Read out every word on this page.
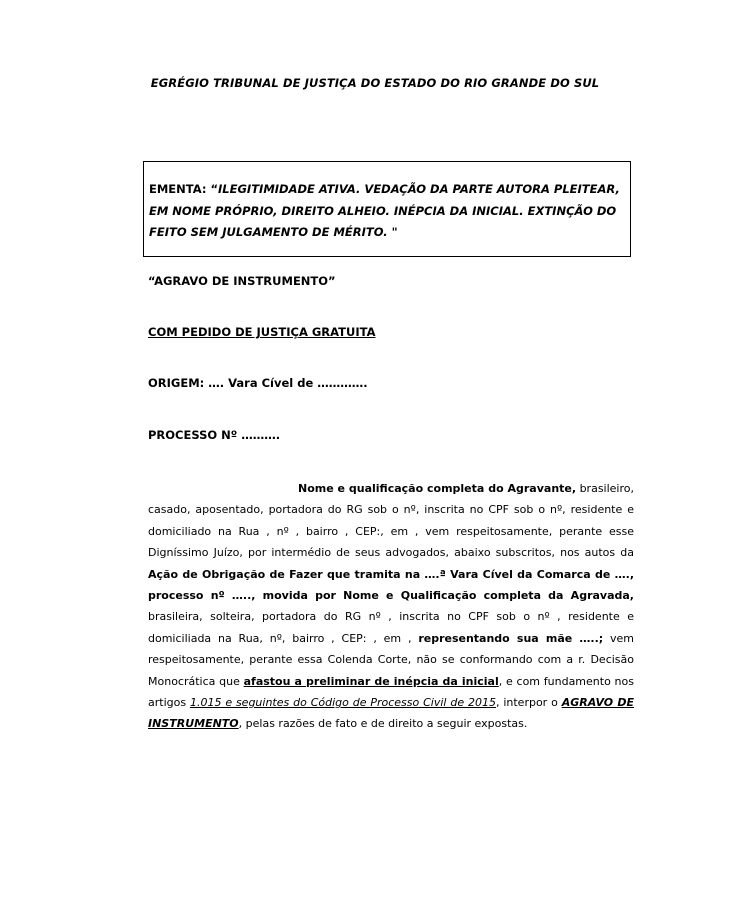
EGRÉGIO TRIBUNAL DE JUSTIÇA DO ESTADO DO RIO GRANDE DO SUL

EMENTA: “ILEGITIMIDADE ATIVA. VEDAÇÃO DA PARTE AUTORA PLEITEAR, EM NOME PRÓPRIO, DIREITO ALHEIO. INÉPCIA DA INICIAL. EXTINÇÃO DO FEITO SEM JULGAMENTO DE MÉRITO. "

“AGRAVO DE INSTRUMENTO”
COM PEDIDO DE JUSTIÇA GRATUITA
ORIGEM: …. Vara Cível de ………….
PROCESSO Nº ……….

Nome e qualificação completa do Agravante, brasileiro, casado, aposentado, portadora do RG sob o nº, inscrita no CPF sob o nº, residente e domiciliado na Rua , nº , bairro , CEP:, em , vem respeitosamente, perante esse Digníssimo Juízo, por intermédio de seus advogados, abaixo subscritos, nos autos da Ação de Obrigação de Fazer que tramita na ….ª Vara Cível da Comarca de …., processo nº ….., movida por Nome e Qualificação completa da Agravada, brasileira, solteira, portadora do RG nº , inscrita no CPF sob o nº , residente e domiciliada na Rua, nº, bairro , CEP: , em , representando sua mãe …..; vem respeitosamente, perante essa Colenda Corte, não se conformando com a r. Decisão Monocrática que afastou a preliminar de inépcia da inicial, e com fundamento nos artigos 1.015 e seguintes do Código de Processo Civil de 2015, interpor o AGRAVO DE INSTRUMENTO, pelas razões de fato e de direito a seguir expostas.
